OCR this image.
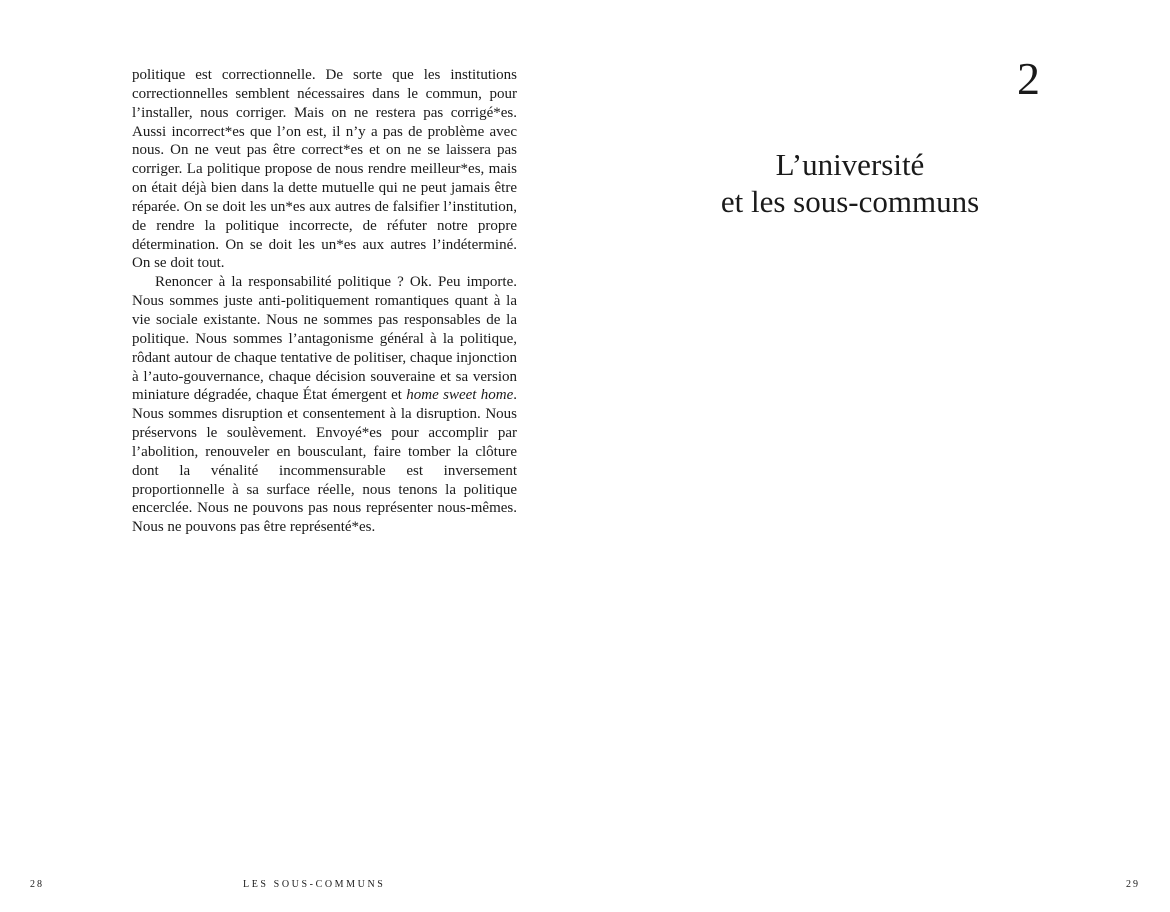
politique est correctionnelle. De sorte que les institutions correctionnelles semblent nécessaires dans le commun, pour l’installer, nous corriger. Mais on ne restera pas corrigé*es. Aussi incorrect*es que l’on est, il n’y a pas de problème avec nous. On ne veut pas être correct*es et on ne se laissera pas corriger. La politique propose de nous rendre meilleur*es, mais on était déjà bien dans la dette mutuelle qui ne peut jamais être réparée. On se doit les un*es aux autres de falsifier l’institution, de rendre la politique incorrecte, de réfuter notre propre détermination. On se doit les un*es aux autres l’indéterminé. On se doit tout.

Renoncer à la responsabilité politique ? Ok. Peu importe. Nous sommes juste anti-politiquement romantiques quant à la vie sociale existante. Nous ne sommes pas responsables de la politique. Nous sommes l’antagonisme général à la politique, rôdant autour de chaque tentative de politiser, chaque injonction à l’auto-gouvernance, chaque décision souveraine et sa version miniature dégradée, chaque État émergent et home sweet home. Nous sommes disruption et consentement à la disruption. Nous préservons le soulèvement. Envoyé*es pour accomplir par l’abolition, renouveler en bousculant, faire tomber la clôture dont la vénalité incommensurable est inversement proportionnelle à sa surface réelle, nous tenons la politique encerclée. Nous ne pouvons pas nous représenter nous-mêmes. Nous ne pouvons pas être représenté*es.

28	LES SOUS-COMMUNS
2
L’université
et les sous-communs
29
